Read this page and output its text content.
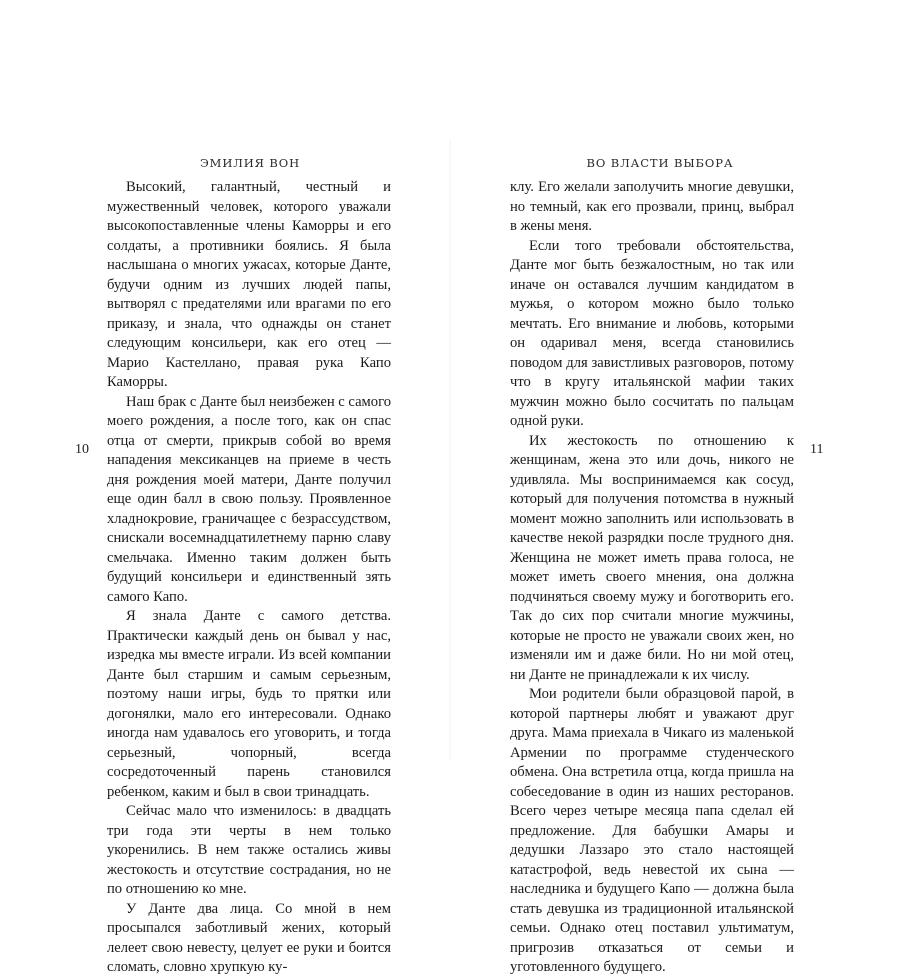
ЭМИЛИЯ ВОН
10

Высокий, галантный, честный и мужественный человек, которого уважали высокопоставленные члены Каморры и его солдаты, а противники боялись. Я была наслышана о многих ужасах, которые Данте, будучи одним из лучших людей папы, вытворял с предателями или врагами по его приказу, и знала, что однажды он станет следующим консильери, как его отец — Марио Кастеллано, правая рука Капо Каморры.

Наш брак с Данте был неизбежен с самого моего рождения, а после того, как он спас отца от смерти, прикрыв собой во время нападения мексиканцев на приеме в честь дня рождения моей матери, Данте получил еще один балл в свою пользу. Проявленное хладнокровие, граничащее с безрассудством, снискали восемнадцатилетнему парню славу смельчака. Именно таким должен быть будущий консильери и единственный зять самого Капо.

Я знала Данте с самого детства. Практически каждый день он бывал у нас, изредка мы вместе играли. Из всей компании Данте был старшим и самым серьезным, поэтому наши игры, будь то прятки или догонялки, мало его интересовали. Однако иногда нам удавалось его уговорить, и тогда серьезный, чопорный, всегда сосредоточенный парень становился ребенком, каким и был в свои тринадцать.

Сейчас мало что изменилось: в двадцать три года эти черты в нем только укоренились. В нем также остались живы жестокость и отсутствие сострадания, но не по отношению ко мне.

У Данте два лица. Со мной в нем просыпался заботливый жених, который лелеет свою невесту, целует ее руки и боится сломать, словно хрупкую ку-

ВО ВЛАСТИ ВЫБОРА
11

клу. Его желали заполучить многие девушки, но темный, как его прозвали, принц, выбрал в жены меня.

Если того требовали обстоятельства, Данте мог быть безжалостным, но так или иначе он оставался лучшим кандидатом в мужья, о котором можно было только мечтать. Его внимание и любовь, которыми он одаривал меня, всегда становились поводом для завистливых разговоров, потому что в кругу итальянской мафии таких мужчин можно было сосчитать по пальцам одной руки.

Их жестокость по отношению к женщинам, жена это или дочь, никого не удивляла. Мы воспринимаемся как сосуд, который для получения потомства в нужный момент можно заполнить или использовать в качестве некой разрядки после трудного дня. Женщина не может иметь права голоса, не может иметь своего мнения, она должна подчиняться своему мужу и боготворить его. Так до сих пор считали многие мужчины, которые не просто не уважали своих жен, но изменяли им и даже били. Но ни мой отец, ни Данте не принадлежали к их числу.

Мои родители были образцовой парой, в которой партнеры любят и уважают друг друга. Мама приехала в Чикаго из маленькой Армении по программе студенческого обмена. Она встретила отца, когда пришла на собеседование в один из наших ресторанов. Всего через четыре месяца папа сделал ей предложение. Для бабушки Амары и дедушки Лаззаро это стало настоящей катастрофой, ведь невестой их сына — наследника и будущего Капо — должна была стать девушка из традиционной итальянской семьи. Однако отец поставил ультиматум, пригрозив отказаться от семьи и уготовленного будущего.
